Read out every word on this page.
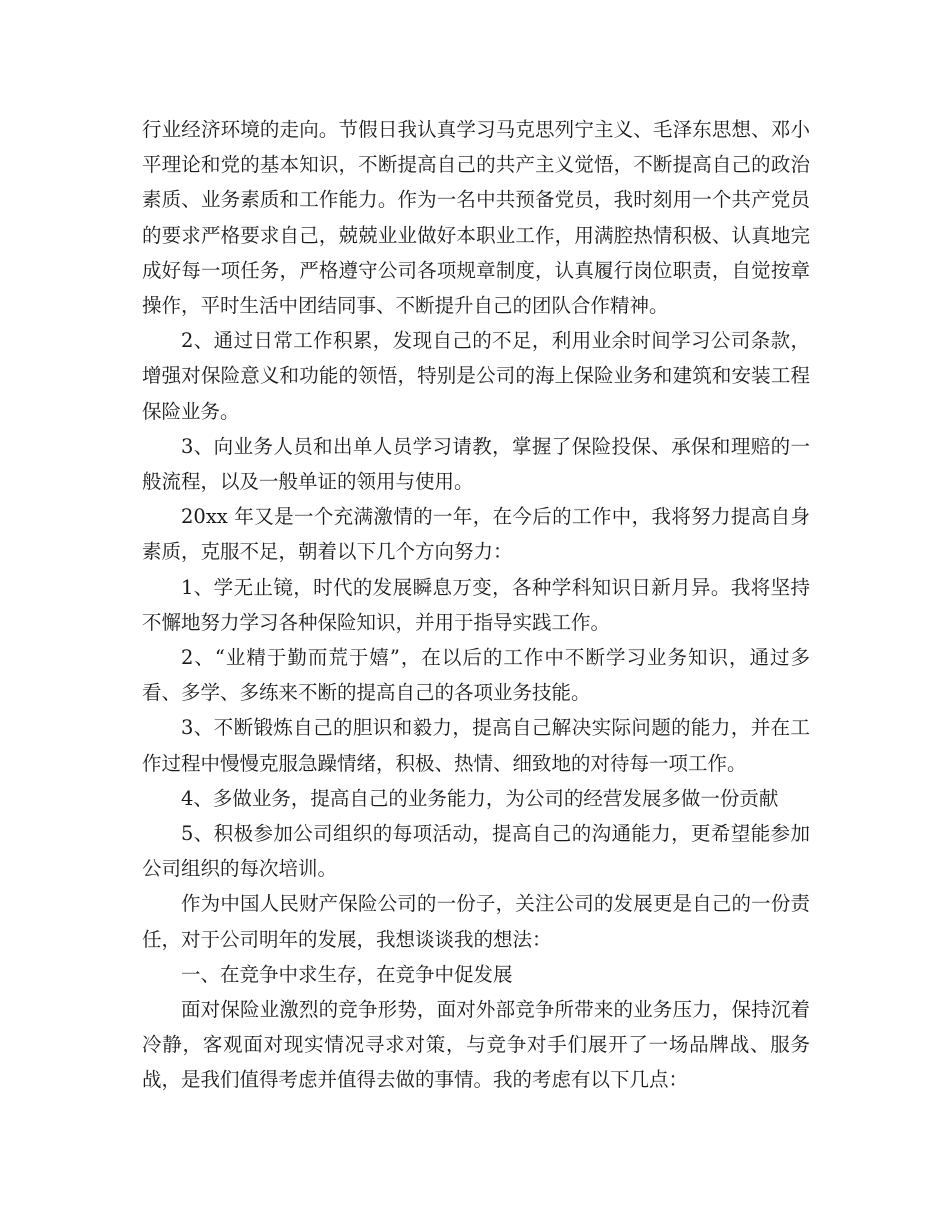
行业经济环境的走向。节假日我认真学习马克思列宁主义、毛泽东思想、邓小平理论和党的基本知识，不断提高自己的共产主义觉悟，不断提高自己的政治素质、业务素质和工作能力。作为一名中共预备党员，我时刻用一个共产党员的要求严格要求自己，兢兢业业做好本职业工作，用满腔热情积极、认真地完成好每一项任务，严格遵守公司各项规章制度，认真履行岗位职责，自觉按章操作，平时生活中团结同事、不断提升自己的团队合作精神。

2、通过日常工作积累，发现自己的不足，利用业余时间学习公司条款，增强对保险意义和功能的领悟，特别是公司的海上保险业务和建筑和安装工程保险业务。

3、向业务人员和出单人员学习请教，掌握了保险投保、承保和理赔的一般流程，以及一般单证的领用与使用。

20xx 年又是一个充满激情的一年，在今后的工作中，我将努力提高自身素质，克服不足，朝着以下几个方向努力：

1、学无止镜，时代的发展瞬息万变，各种学科知识日新月异。我将坚持不懈地努力学习各种保险知识，并用于指导实践工作。

2、“业精于勤而荒于嬉”，在以后的工作中不断学习业务知识，通过多看、多学、多练来不断的提高自己的各项业务技能。

3、不断锻炼自己的胆识和毅力，提高自己解决实际问题的能力，并在工作过程中慢慢克服急躁情绪，积极、热情、细致地的对待每一项工作。

4、多做业务，提高自己的业务能力，为公司的经营发展多做一份贡献

5、积极参加公司组织的每项活动，提高自己的沟通能力，更希望能参加公司组织的每次培训。

作为中国人民财产保险公司的一份子，关注公司的发展更是自己的一份责任，对于公司明年的发展，我想谈谈我的想法：

一、在竞争中求生存，在竞争中促发展

面对保险业激烈的竞争形势，面对外部竞争所带来的业务压力，保持沉着冷静，客观面对现实情况寻求对策，与竞争对手们展开了一场品牌战、服务战，是我们值得考虑并值得去做的事情。我的考虑有以下几点：
